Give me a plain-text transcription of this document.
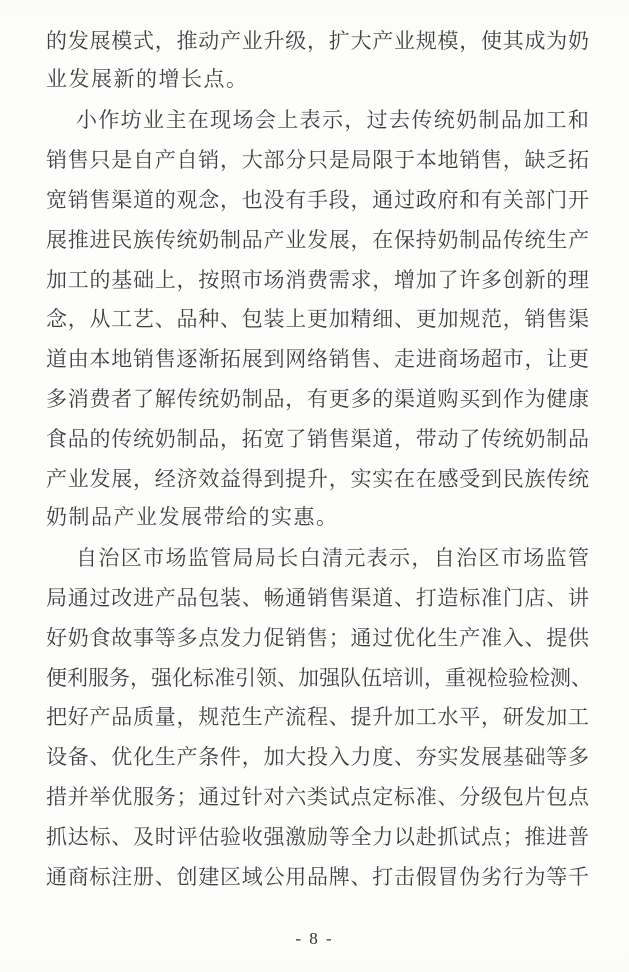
的 发 展 模 式 ， 推 动 产 业 升 级 ， 扩 大 产 业 规 模 ， 使 其 成 为 奶
业发展新的增长点。
小 作 坊 业 主 在 现 场 会 上 表 示 ， 过 去 传 统 奶 制 品 加 工 和
销 售 只 是 自 产 自 销 ， 大 部 分 只 是 局 限 于 本 地 销 售 ， 缺 乏 拓
宽 销 售 渠 道 的 观 念 ， 也 没 有 手 段 ， 通 过 政 府 和 有 关 部 门 开
展 推 进 民 族 传 统 奶 制 品 产 业 发 展 ， 在 保 持 奶 制 品 传 统 生 产
加 工 的 基 础 上 ， 按 照 市 场 消 费 需 求 ， 增 加 了 许 多 创 新 的 理
念 ， 从 工 艺 、 品 种 、 包 装 上 更 加 精 细 、 更 加 规 范 ， 销 售 渠
道 由 本 地 销 售 逐 渐 拓 展 到 网 络 销 售 、 走 进 商 场 超 市 ， 让 更
多 消 费 者 了 解 传 统 奶 制 品 ， 有 更 多 的 渠 道 购 买 到 作 为 健 康
食 品 的 传 统 奶 制 品 ， 拓 宽 了 销 售 渠 道 ， 带 动 了 传 统 奶 制 品
产 业 发 展 ， 经 济 效 益 得 到 提 升 ， 实 实 在 在 感 受 到 民 族 传 统
奶制品产业发展带给的实惠。
自 治 区 市 场 监 管 局 局 长 白 清 元 表 示 ， 自 治 区 市 场 监 管
局 通 过 改 进 产 品 包 装 、 畅 通 销 售 渠 道 、 打 造 标 准 门 店 、 讲
好 奶 食 故 事 等 多 点 发 力 促 销 售 ； 通 过 优 化 生 产 准 入 、 提 供
便 利 服 务 ， 强 化 标 准 引 领 、 加 强 队 伍 培 训 ， 重 视 检 验 检 测 、
把 好 产 品 质 量 ， 规 范 生 产 流 程 、 提 升 加 工 水 平 ， 研 发 加 工
设 备 、 优 化 生 产 条 件 ， 加 大 投 入 力 度 、 夯 实 发 展 基 础 等 多
措 并 举 优 服 务 ； 通 过 针 对 六 类 试 点 定 标 准 、 分 级 包 片 包 点
抓 达 标 、 及 时 评 估 验 收 强 激 励 等 全 力 以 赴 抓 试 点 ； 推 进 普
通 商 标 注 册 、 创 建 区 域 公 用 品 牌 、 打 击 假 冒 伪 劣 行 为 等 千
- 8 -
